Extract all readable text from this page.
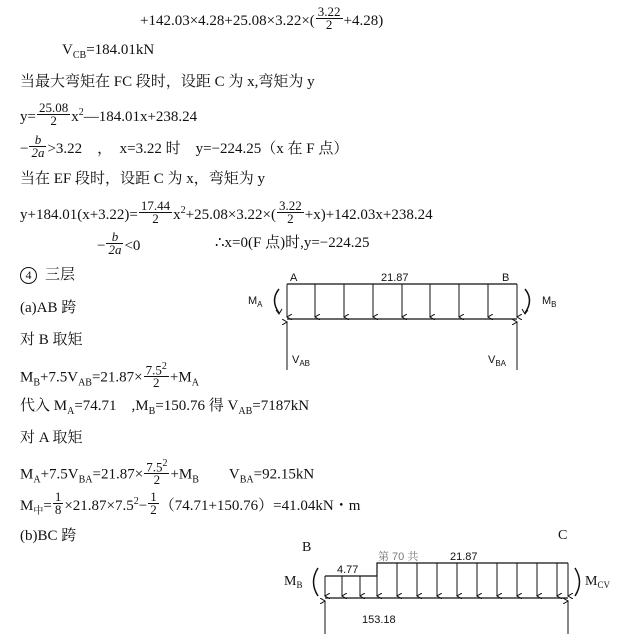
$+142.03\times 4.28+25.08\times 3.22\times( \frac{3.22}{2} +4.28)$
$V_{CB}=184.01kN$
当最大弯矩在 FC 段时，设距 C 为 x,弯矩为 y
$y= \frac{25.08}{2}$ $x^2—184.01x+238.24$
− $\frac{b}{2a} >3.22$　，　x=3.22 时　y=−224.25（x 在 F 点）
当在 EF 段时，设距 C 为 x，弯矩为 y
$y+184.01(x+3.22)= \frac{17.44}{2} x^2+25.08\times 3.22\times( \frac{3.22}{2} +x)+142.03x+238.24$
− $\frac{b}{2a} <0$	∴x=0(F 点)时,y=−224.25
4 三层
(a)AB 跨
对 B 取矩
$M_B+7.5V_{AB}=21.87\times \frac{7.5^2}{2} +M_A$
代入 $M_A=74.71$　$,M_B=150.76$ 得 $V_{AB}=7187kN$
对 A 取矩
$M_A+7.5V_{BA}=21.87\times \frac{7.5^2}{2} +M_B$　　$V_{BA}=92.15kN$
$M_中= \frac{1}{8} \times 21.87\times 7.5^2- \frac{1}{2} (74.71+150.76)=41.04kN$・m
(b)BC 跨
A	B
21.87
$M_A$	$M_B$
$V_{AB}$	$V_{BA}$
B
C
第 70 共	21.87
4.77
$M_B$	$M_{CV}$
153.18
